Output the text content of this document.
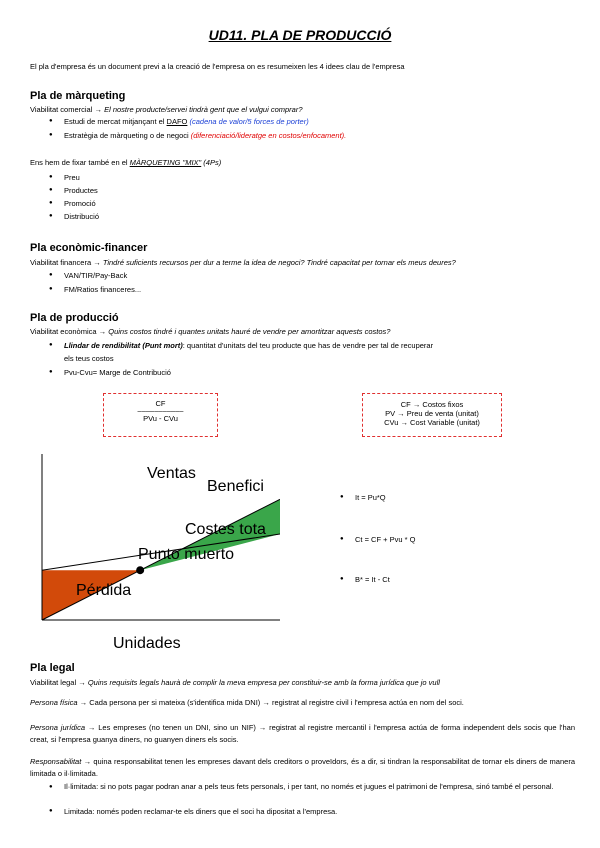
UD11. PLA DE PRODUCCIÓ
El pla d'empresa és un document previ a la creació de l'empresa on es resumeixen les 4 idees clau de l'empresa
Pla de màrqueting
Viabilitat comercial → El nostre producte/servei tindrà gent que el vulgui comprar?
● Estudi de mercat mitjançant el DAFO (cadena de valor/5 forces de porter)
● Estratègia de màrqueting o de negoci (diferenciació/lideratge en costos/enfocament).
Ens hem de fixar també en el MÀRQUETING "MIX" (4Ps)
● Preu
● Productes
● Promoció
● Distribució
Pla econòmic-financer
Viabilitat financera → Tindré suficients recursos per dur a terme la idea de negoci? Tindré capacitat per tornar els meus deures?
● VAN/TIR/Pay-Back
● FM/Ratios financeres...
Pla de producció
Viabilitat econòmica → Quins costos tindré i quantes unitats hauré de vendre per amortitzar aquests costos?
● Llindar de rendibilitat (Punt mort): quantitat d'unitats del teu producte que has de vendre per tal de recuperar
els teus costos
● Pvu-Cvu= Marge de Contribució
CF
–––––––––––
PVu - CVu
CF → Costos fixos
PV → Preu de venta (unitat)
CVu → Cost Variable (unitat)
Ventas
Benefici
Costes tota
Punto muerto
Pérdida
Unidades
● It = Pu*Q
● Ct = CF + Pvu * Q
● B* = It - Ct
Pla legal
Viabilitat legal → Quins requisits legals haurà de complir la meva empresa per constituir-se amb la forma jurídica que jo vull
Persona física → Cada persona per si mateixa (s'identifica mida DNI) → registrat al registre civil i l'empresa actúa en nom del soci.
Persona jurídica → Les empreses (no tenen un DNI, sino un NIF) → registrat al registre mercantil i l'empresa actúa de forma independent dels socis que l'han creat, si l'empresa guanya diners, no guanyen diners els socis.
Responsabilitat → quina responsabilitat tenen les empreses davant dels creditors o proveïdors, és a dir, si tindran la responsabilitat de tornar els diners de manera limitada o il·limitada.
● Il·limitada: si no pots pagar podran anar a pels teus fets personals, i per tant, no només et jugues el patrimoni de l'empresa, sinó també el personal.
● Limitada: només poden reclamar-te els diners que el soci ha dipositat a l'empresa.
